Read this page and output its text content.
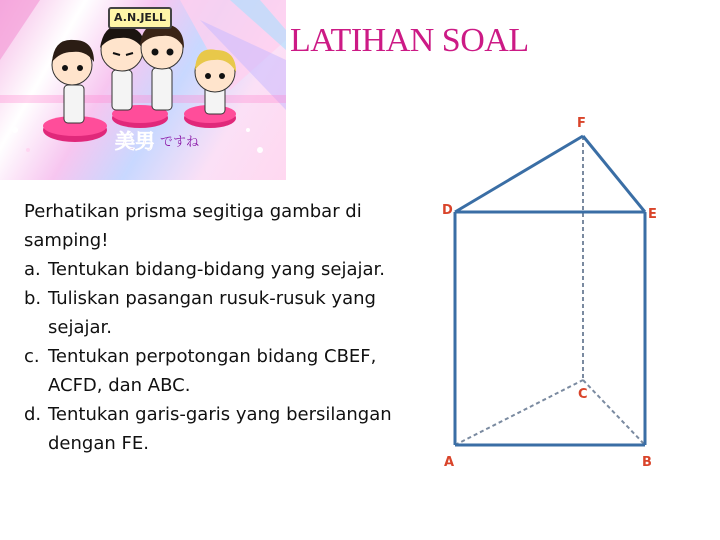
美男 ですね
A.N.JELL
LATIHAN SOAL
Perhatikan prisma segitiga gambar di samping!
a. Tentukan bidang-bidang yang sejajar.
b. Tuliskan pasangan rusuk-rusuk yang sejajar.
c. Tentukan perpotongan bidang CBEF, ACFD, dan ABC.
d. Tentukan garis-garis yang bersilangan dengan FE.
F
D	E
C
A	B
